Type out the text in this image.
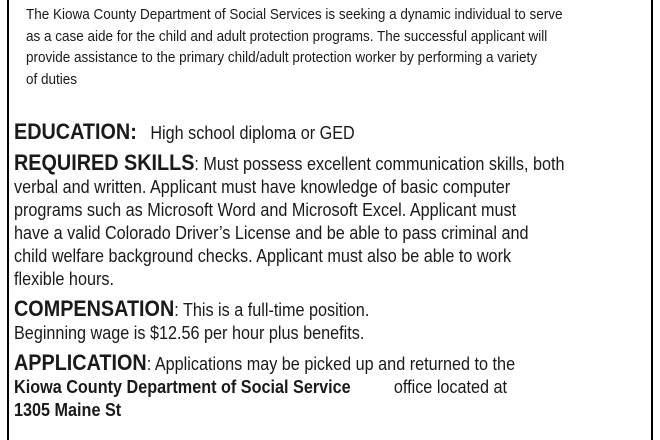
The Kiowa County Department of Social Services is seeking a dynamic individual to serve
as a case aide for the child and adult protection programs. The successful applicant will
provide assistance to the primary child/adult protection worker by performing a variety
of duties
EDUCATION: High school diploma or GED
REQUIRED SKILLS: Must possess excellent communication skills, both
verbal and written. Applicant must have knowledge of basic computer
programs such as Microsoft Word and Microsoft Excel. Applicant must
have a valid Colorado Driver’s License and be able to pass criminal and
child welfare background checks. Applicant must also be able to work
flexible hours.
COMPENSATION: This is a full-time position.
Beginning wage is $12.56 per hour plus benefits.
APPLICATION: Applications may be picked up and returned to the
Kiowa County Department of Social Service office located at
1305 Maine St
